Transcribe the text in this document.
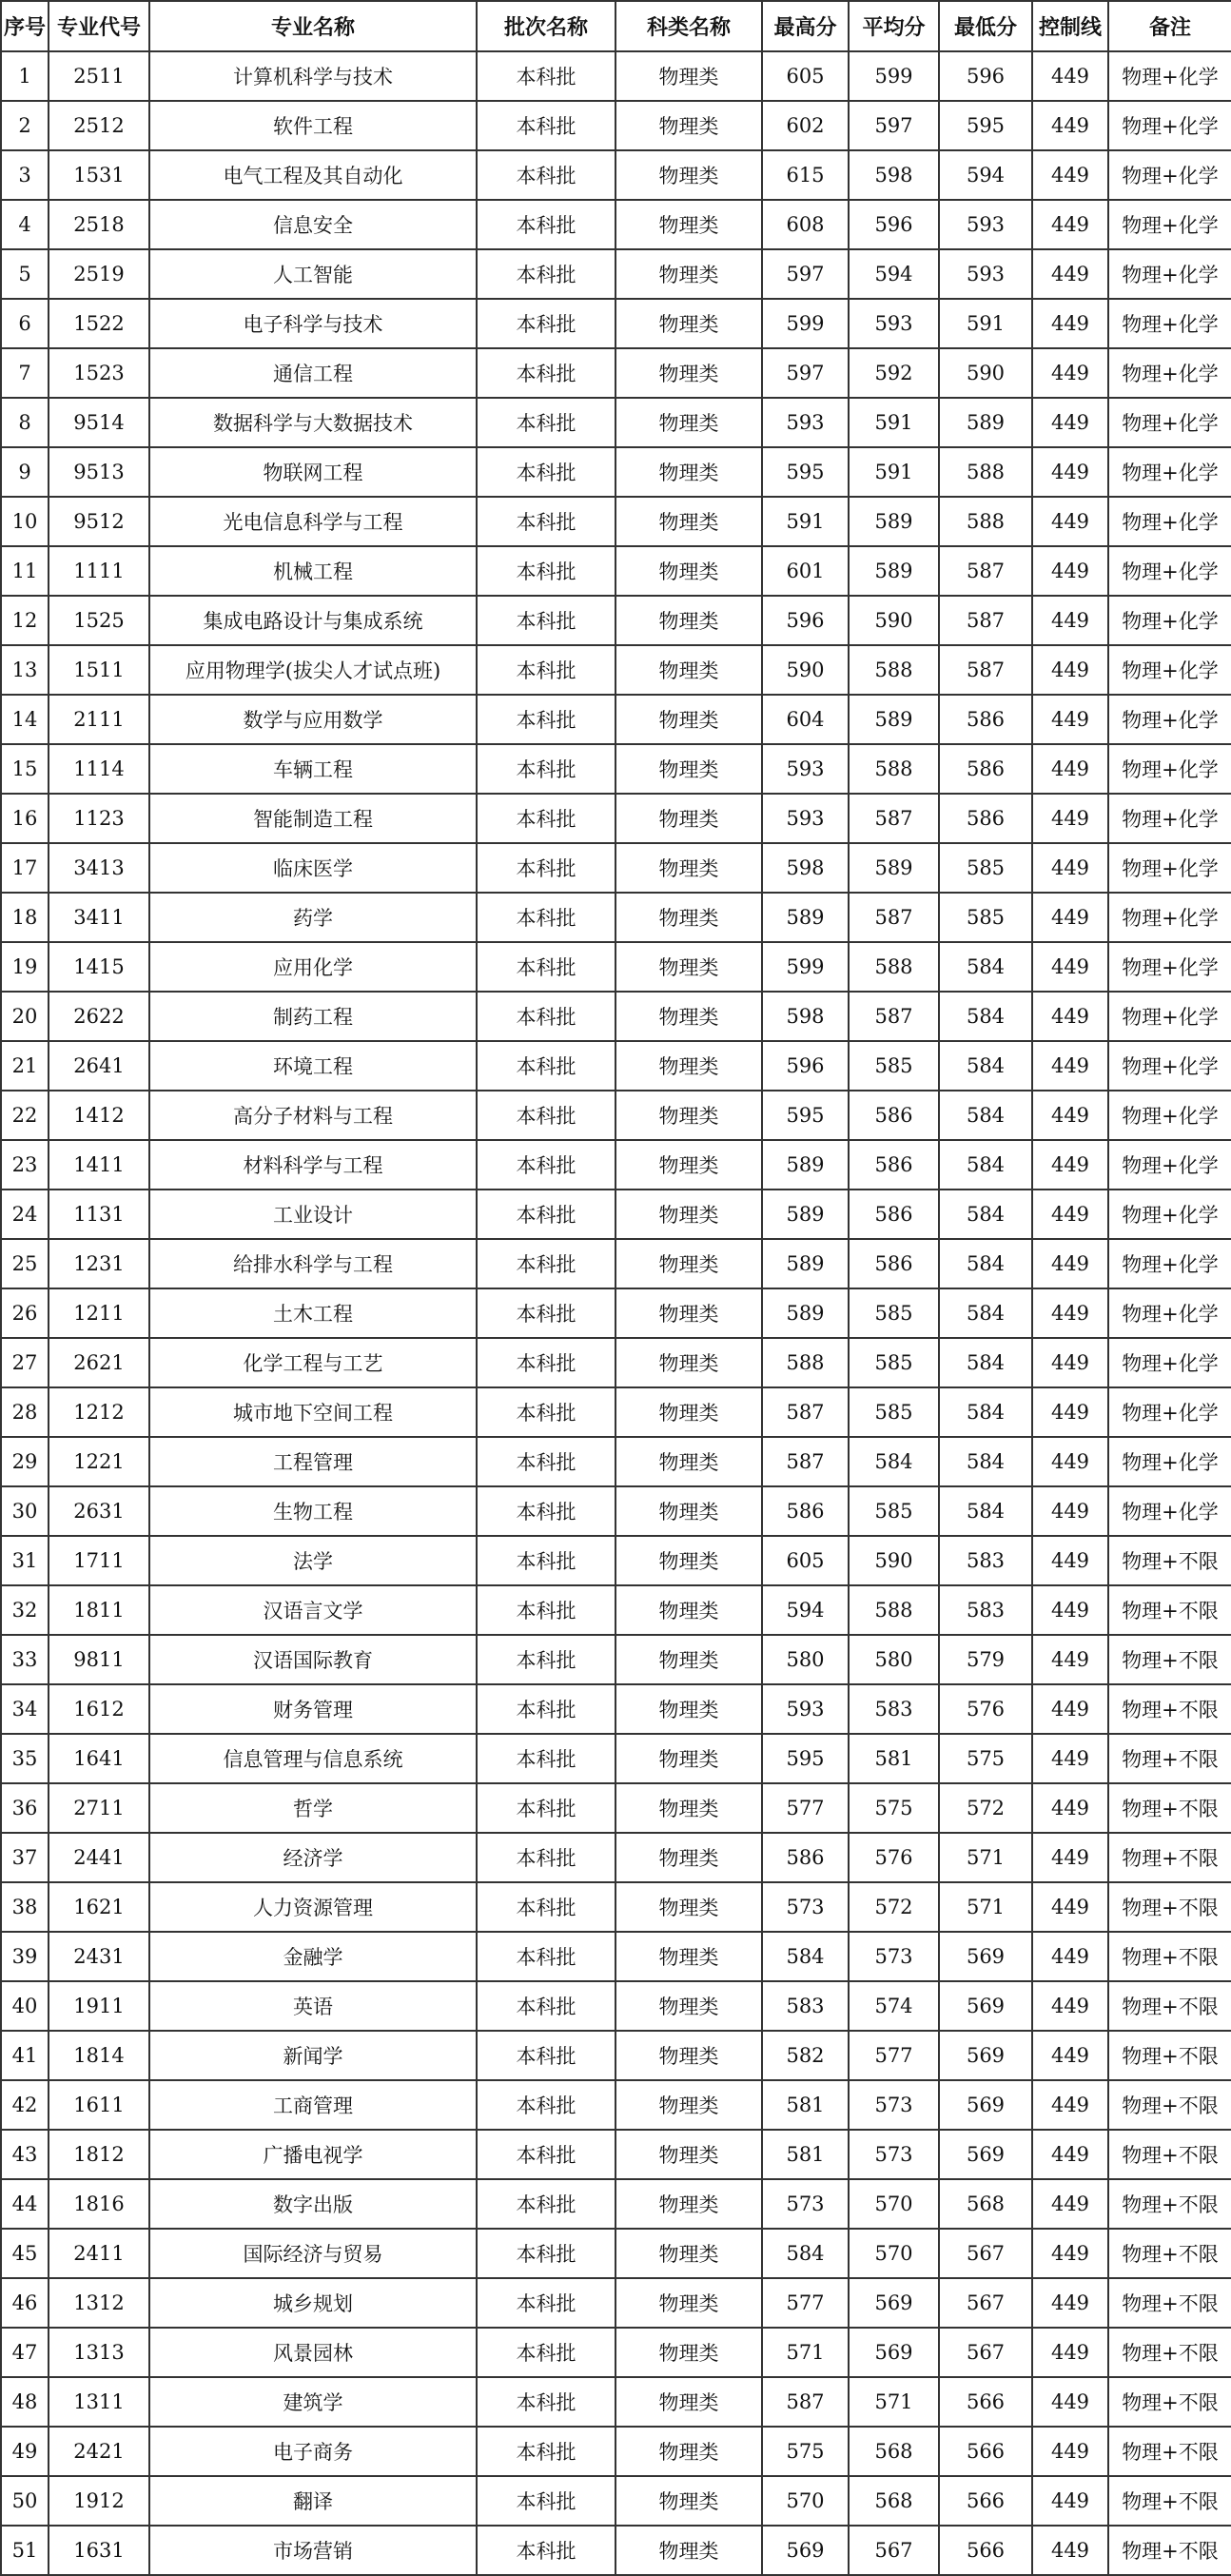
序号	专业代号	专业名称	批次名称	科类名称	最高分	平均分	最低分	控制线	备注
1	2511	计算机科学与技术	本科批	物理类	605	599	596	449	物理+化学
2	2512	软件工程	本科批	物理类	602	597	595	449	物理+化学
3	1531	电气工程及其自动化	本科批	物理类	615	598	594	449	物理+化学
4	2518	信息安全	本科批	物理类	608	596	593	449	物理+化学
5	2519	人工智能	本科批	物理类	597	594	593	449	物理+化学
6	1522	电子科学与技术	本科批	物理类	599	593	591	449	物理+化学
7	1523	通信工程	本科批	物理类	597	592	590	449	物理+化学
8	9514	数据科学与大数据技术	本科批	物理类	593	591	589	449	物理+化学
9	9513	物联网工程	本科批	物理类	595	591	588	449	物理+化学
10	9512	光电信息科学与工程	本科批	物理类	591	589	588	449	物理+化学
11	1111	机械工程	本科批	物理类	601	589	587	449	物理+化学
12	1525	集成电路设计与集成系统	本科批	物理类	596	590	587	449	物理+化学
13	1511	应用物理学(拔尖人才试点班)	本科批	物理类	590	588	587	449	物理+化学
14	2111	数学与应用数学	本科批	物理类	604	589	586	449	物理+化学
15	1114	车辆工程	本科批	物理类	593	588	586	449	物理+化学
16	1123	智能制造工程	本科批	物理类	593	587	586	449	物理+化学
17	3413	临床医学	本科批	物理类	598	589	585	449	物理+化学
18	3411	药学	本科批	物理类	589	587	585	449	物理+化学
19	1415	应用化学	本科批	物理类	599	588	584	449	物理+化学
20	2622	制药工程	本科批	物理类	598	587	584	449	物理+化学
21	2641	环境工程	本科批	物理类	596	585	584	449	物理+化学
22	1412	高分子材料与工程	本科批	物理类	595	586	584	449	物理+化学
23	1411	材料科学与工程	本科批	物理类	589	586	584	449	物理+化学
24	1131	工业设计	本科批	物理类	589	586	584	449	物理+化学
25	1231	给排水科学与工程	本科批	物理类	589	586	584	449	物理+化学
26	1211	土木工程	本科批	物理类	589	585	584	449	物理+化学
27	2621	化学工程与工艺	本科批	物理类	588	585	584	449	物理+化学
28	1212	城市地下空间工程	本科批	物理类	587	585	584	449	物理+化学
29	1221	工程管理	本科批	物理类	587	584	584	449	物理+化学
30	2631	生物工程	本科批	物理类	586	585	584	449	物理+化学
31	1711	法学	本科批	物理类	605	590	583	449	物理+不限
32	1811	汉语言文学	本科批	物理类	594	588	583	449	物理+不限
33	9811	汉语国际教育	本科批	物理类	580	580	579	449	物理+不限
34	1612	财务管理	本科批	物理类	593	583	576	449	物理+不限
35	1641	信息管理与信息系统	本科批	物理类	595	581	575	449	物理+不限
36	2711	哲学	本科批	物理类	577	575	572	449	物理+不限
37	2441	经济学	本科批	物理类	586	576	571	449	物理+不限
38	1621	人力资源管理	本科批	物理类	573	572	571	449	物理+不限
39	2431	金融学	本科批	物理类	584	573	569	449	物理+不限
40	1911	英语	本科批	物理类	583	574	569	449	物理+不限
41	1814	新闻学	本科批	物理类	582	577	569	449	物理+不限
42	1611	工商管理	本科批	物理类	581	573	569	449	物理+不限
43	1812	广播电视学	本科批	物理类	581	573	569	449	物理+不限
44	1816	数字出版	本科批	物理类	573	570	568	449	物理+不限
45	2411	国际经济与贸易	本科批	物理类	584	570	567	449	物理+不限
46	1312	城乡规划	本科批	物理类	577	569	567	449	物理+不限
47	1313	风景园林	本科批	物理类	571	569	567	449	物理+不限
48	1311	建筑学	本科批	物理类	587	571	566	449	物理+不限
49	2421	电子商务	本科批	物理类	575	568	566	449	物理+不限
50	1912	翻译	本科批	物理类	570	568	566	449	物理+不限
51	1631	市场营销	本科批	物理类	569	567	566	449	物理+不限
